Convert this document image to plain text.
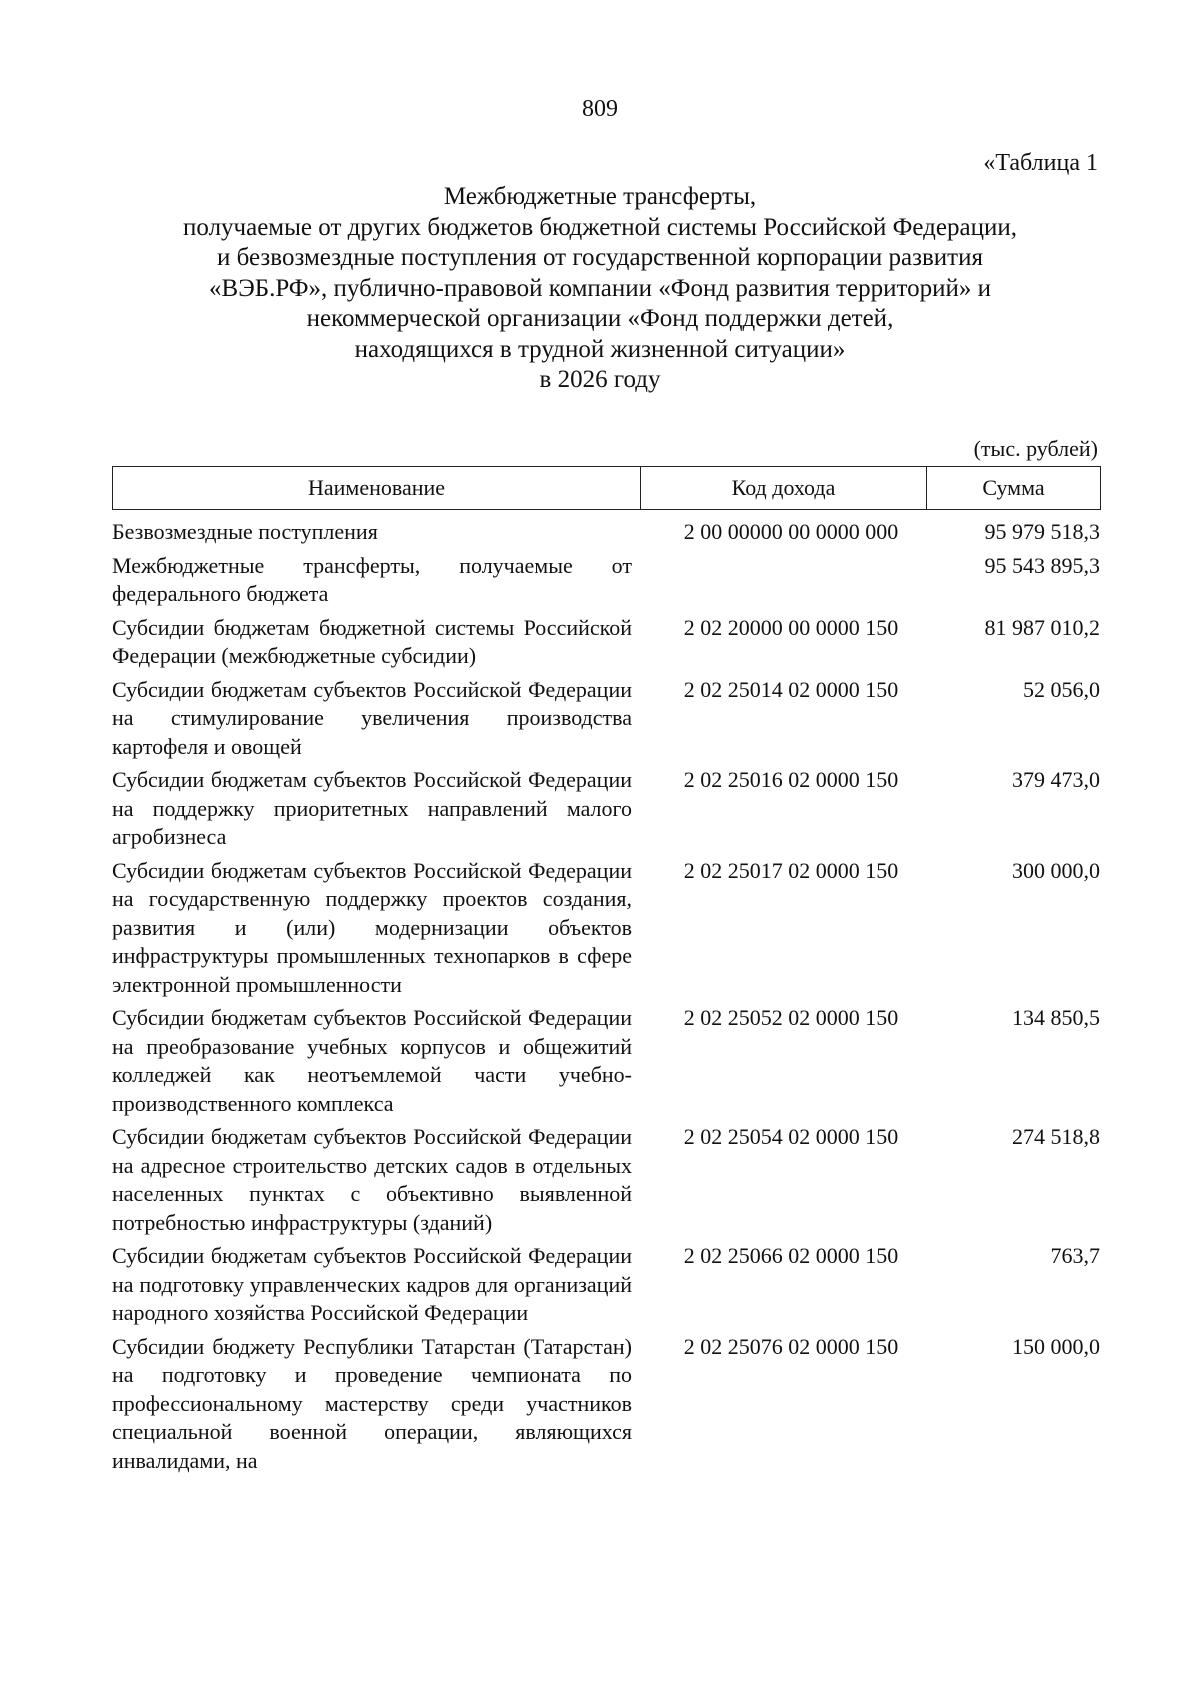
809
«Таблица 1
Межбюджетные трансферты,
получаемые от других бюджетов бюджетной системы Российской Федерации,
и безвозмездные поступления от государственной корпорации развития
«ВЭБ.РФ», публично-правовой компании «Фонд развития территорий» и
некоммерческой организации «Фонд поддержки детей,
находящихся в трудной жизненной ситуации»
в 2026 году
(тыс. рублей)
Наименование	Код дохода	Сумма
Безвозмездные поступления	2 00 00000 00 0000 000	95 979 518,3
Межбюджетные трансферты, получаемые от федерального бюджета		95 543 895,3
Субсидии бюджетам бюджетной системы Российской Федерации (межбюджетные субсидии)	2 02 20000 00 0000 150	81 987 010,2
Субсидии бюджетам субъектов Российской Федерации на стимулирование увеличения производства картофеля и овощей	2 02 25014 02 0000 150	52 056,0
Субсидии бюджетам субъектов Российской Федерации на поддержку приоритетных направлений малого агробизнеса	2 02 25016 02 0000 150	379 473,0
Субсидии бюджетам субъектов Российской Федерации на государственную поддержку проектов создания, развития и (или) модернизации объектов инфраструктуры промышленных технопарков в сфере электронной промышленности	2 02 25017 02 0000 150	300 000,0
Субсидии бюджетам субъектов Российской Федерации на преобразование учебных корпусов и общежитий колледжей как неотъемлемой части учебно-производственного комплекса	2 02 25052 02 0000 150	134 850,5
Субсидии бюджетам субъектов Российской Федерации на адресное строительство детских садов в отдельных населенных пунктах с объективно выявленной потребностью инфраструктуры (зданий)	2 02 25054 02 0000 150	274 518,8
Субсидии бюджетам субъектов Российской Федерации на подготовку управленческих кадров для организаций народного хозяйства Российской Федерации	2 02 25066 02 0000 150	763,7
Субсидии бюджету Республики Татарстан (Татарстан) на подготовку и проведение чемпионата по профессиональному мастерству среди участников специальной военной операции, являющихся инвалидами, на	2 02 25076 02 0000 150	150 000,0
